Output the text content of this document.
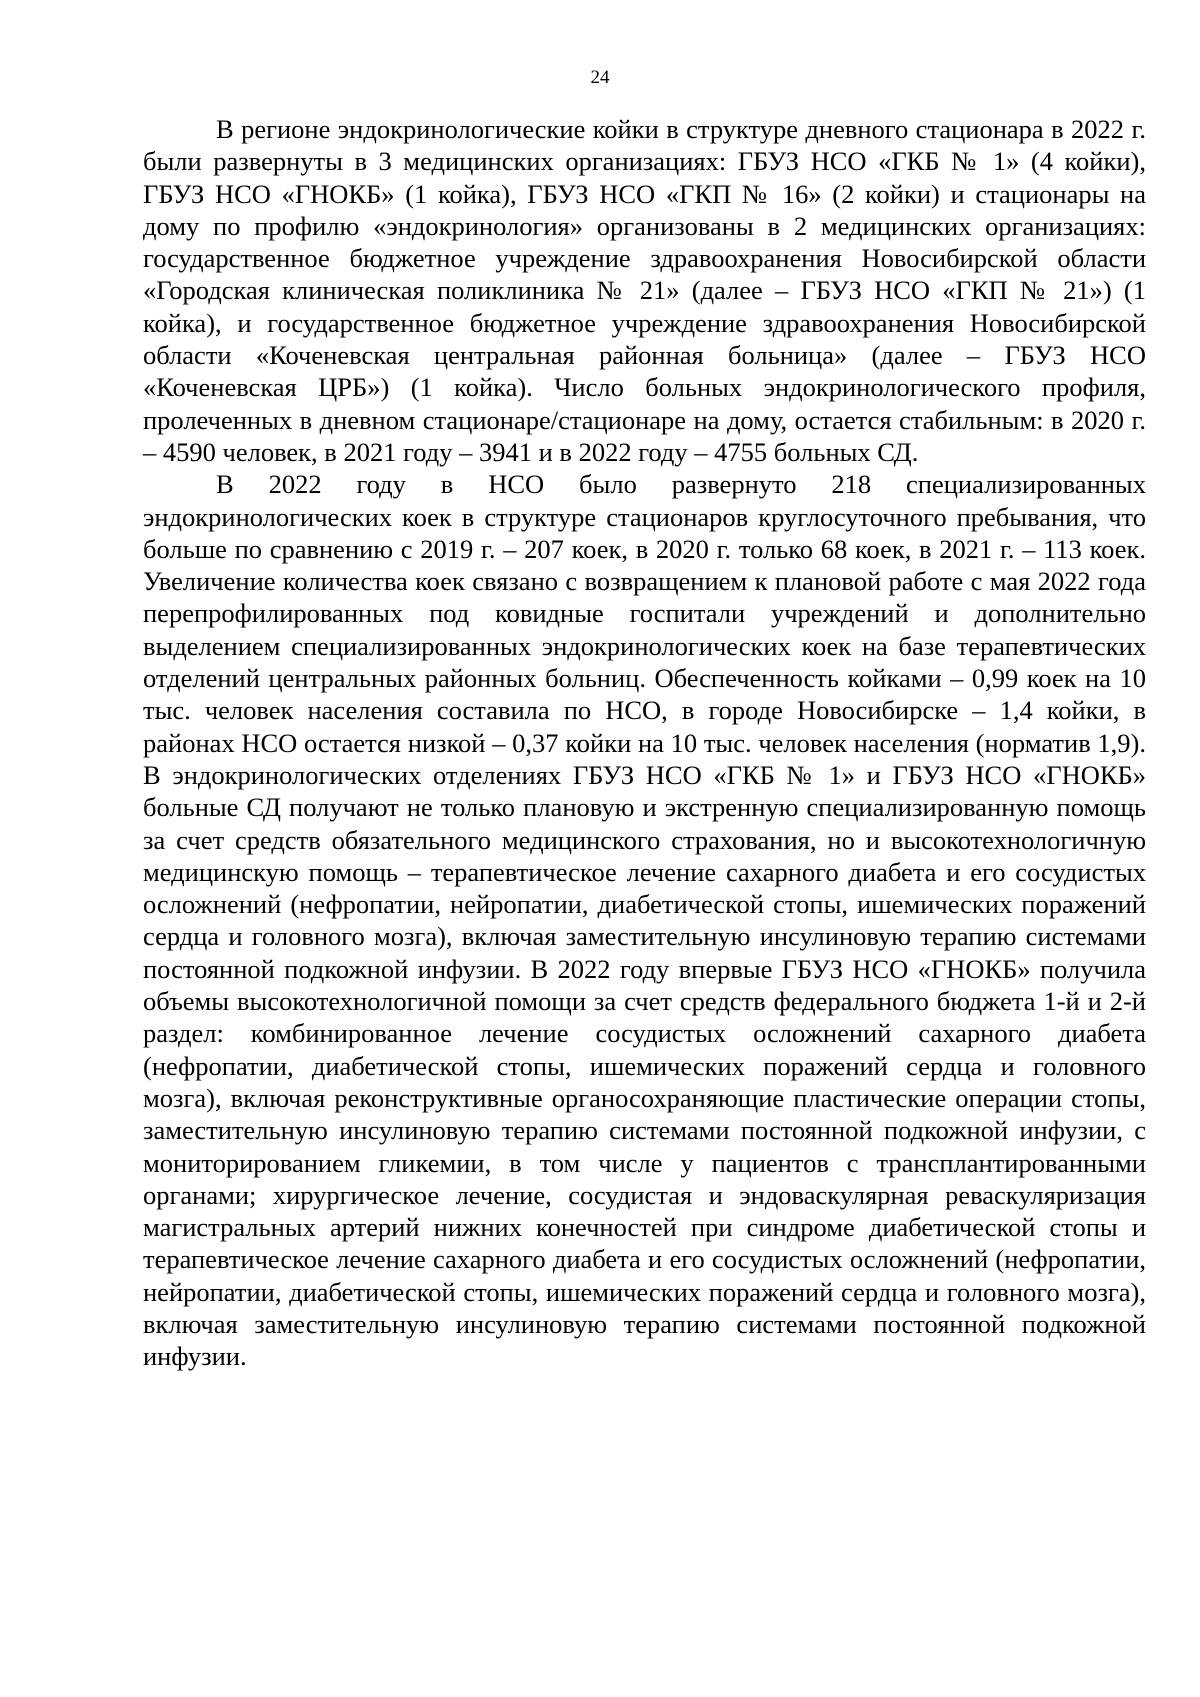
24

В регионе эндокринологические койки в структуре дневного стационара в 2022 г. были развернуты в 3 медицинских организациях: ГБУЗ НСО «ГКБ № 1» (4 койки), ГБУЗ НСО «ГНОКБ» (1 койка), ГБУЗ НСО «ГКП № 16» (2 койки) и стационары на дому по профилю «эндокринология» организованы в 2 медицинских организациях: государственное бюджетное учреждение здравоохранения Новосибирской области «Городская клиническая поликлиника № 21» (далее – ГБУЗ НСО «ГКП № 21») (1 койка), и государственное бюджетное учреждение здравоохранения Новосибирской области «Коченевская центральная районная больница» (далее – ГБУЗ НСО «Коченевская ЦРБ») (1 койка). Число больных эндокринологического профиля, пролеченных в дневном стационаре/стационаре на дому, остается стабильным: в 2020 г. – 4590 человек, в 2021 году – 3941 и в 2022 году – 4755 больных СД.

В 2022 году в НСО было развернуто 218 специализированных эндокринологических коек в структуре стационаров круглосуточного пребывания, что больше по сравнению с 2019 г. – 207 коек, в 2020 г. только 68 коек, в 2021 г. – 113 коек. Увеличение количества коек связано с возвращением к плановой работе с мая 2022 года перепрофилированных под ковидные госпитали учреждений и дополнительно выделением специализированных эндокринологических коек на базе терапевтических отделений центральных районных больниц. Обеспеченность койками – 0,99 коек на 10 тыс. человек населения составила по НСО, в городе Новосибирске – 1,4 койки, в районах НСО остается низкой – 0,37 койки на 10 тыс. человек населения (норматив 1,9). В эндокринологических отделениях ГБУЗ НСО «ГКБ № 1» и ГБУЗ НСО «ГНОКБ» больные СД получают не только плановую и экстренную специализированную помощь за счет средств обязательного медицинского страхования, но и высокотехнологичную медицинскую помощь – терапевтическое лечение сахарного диабета и его сосудистых осложнений (нефропатии, нейропатии, диабетической стопы, ишемических поражений сердца и головного мозга), включая заместительную инсулиновую терапию системами постоянной подкожной инфузии. В 2022 году впервые ГБУЗ НСО «ГНОКБ» получила объемы высокотехнологичной помощи за счет средств федерального бюджета 1-й и 2-й раздел: комбинированное лечение сосудистых осложнений сахарного диабета (нефропатии, диабетической стопы, ишемических поражений сердца и головного мозга), включая реконструктивные органосохраняющие пластические операции стопы, заместительную инсулиновую терапию системами постоянной подкожной инфузии, с мониторированием гликемии, в том числе у пациентов с трансплантированными органами; хирургическое лечение, сосудистая и эндоваскулярная реваскуляризация магистральных артерий нижних конечностей при синдроме диабетической стопы и терапевтическое лечение сахарного диабета и его сосудистых осложнений (нефропатии, нейропатии, диабетической стопы, ишемических поражений сердца и головного мозга), включая заместительную инсулиновую терапию системами постоянной подкожной инфузии.
